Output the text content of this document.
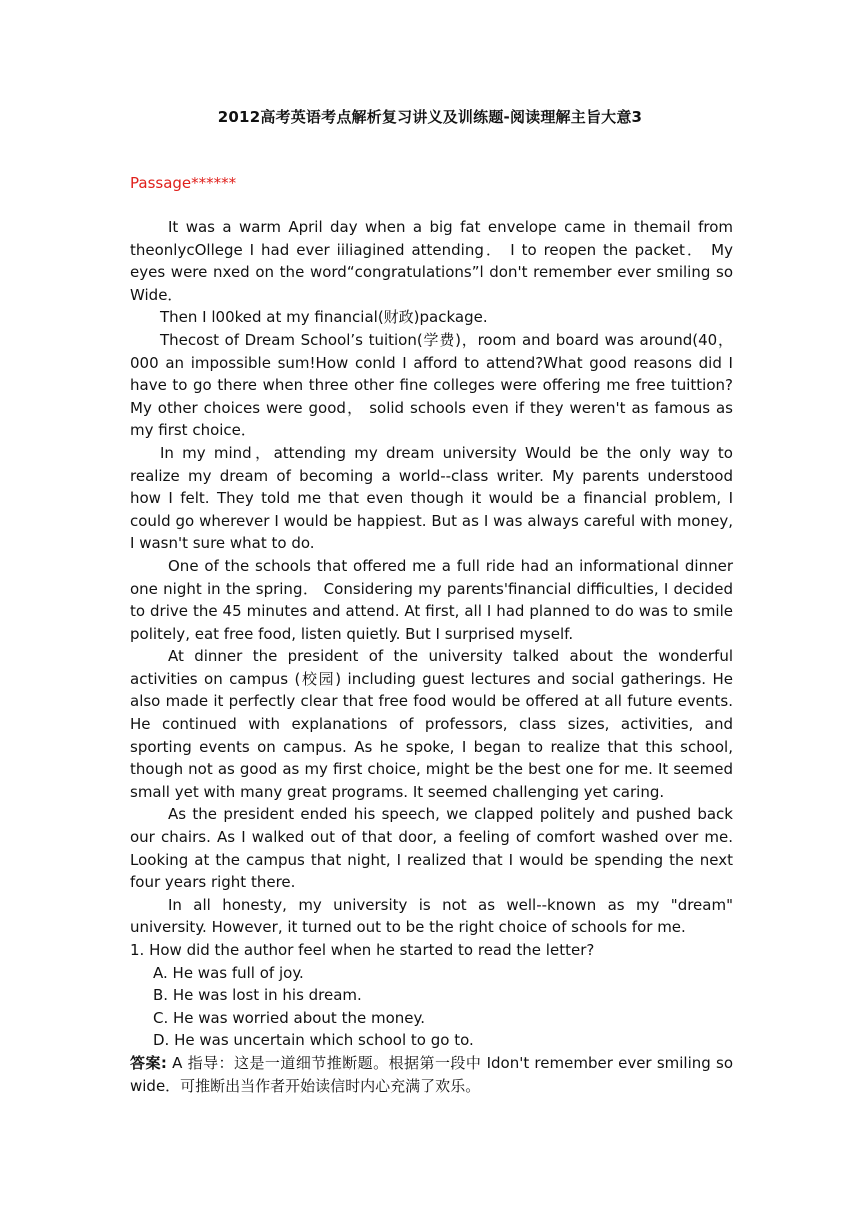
2012高考英语考点解析复习讲义及训练题-阅读理解主旨大意3
Passage******

It was a warm April day when a big fat envelope came in themail from theonlycOllege I had ever iiliagined attending． I to reopen the packet． My eyes were nxed on the word“congratulations”l don't remember ever smiling so Wide．

Then I l00ked at my financial(财政)package.

Thecost of Dream School’s tuition(学费)，room and board was around(40，000 an impossible sum!How conld I afford to attend?What good reasons did I have to go there when three other fine colleges were offering me free tuittion? My other choices were good， solid schools even if they weren't as famous as my first choice．

In my mind，attending my dream university Would be the only way to realize my dream of becoming a world--class writer. My parents understood how I felt. They told me that even though it would be a financial problem, I could go wherever I would be happiest. But as I was always careful with money, I wasn't sure what to do.

One of the schools that offered me a full ride had an informational dinner one night in the spring． Considering my parents'financial difficulties, I decided to drive the 45 minutes and attend. At first, all I had planned to do was to smile politely, eat free food, listen quietly. But I surprised myself.

At dinner the president of the university talked about the wonderful activities on campus (校园) including guest lectures and social gatherings. He also made it perfectly clear that free food would be offered at all future events. He continued with explanations of professors, class sizes, activities, and sporting events on campus. As he spoke, I began to realize that this school, though not as good as my first choice, might be the best one for me. It seemed small yet with many great programs. It seemed challenging yet caring.

As the president ended his speech, we clapped politely and pushed back our chairs. As I walked out of that door, a feeling of comfort washed over me. Looking at the campus that night, I realized that I would be spending the next four years right there.

In all honesty, my university is not as well--known as my "dream" university. However, it turned out to be the right choice of schools for me.

1. How did the author feel when he started to read the letter?
A. He was full of joy.
B. He was lost in his dream.
C. He was worried about the money.
D. He was uncertain which school to go to.
答案: A 指导：这是一道细节推断题。根据第一段中 Idon't remember ever smiling so wide．可推断出当作者开始读信时内心充满了欢乐。
